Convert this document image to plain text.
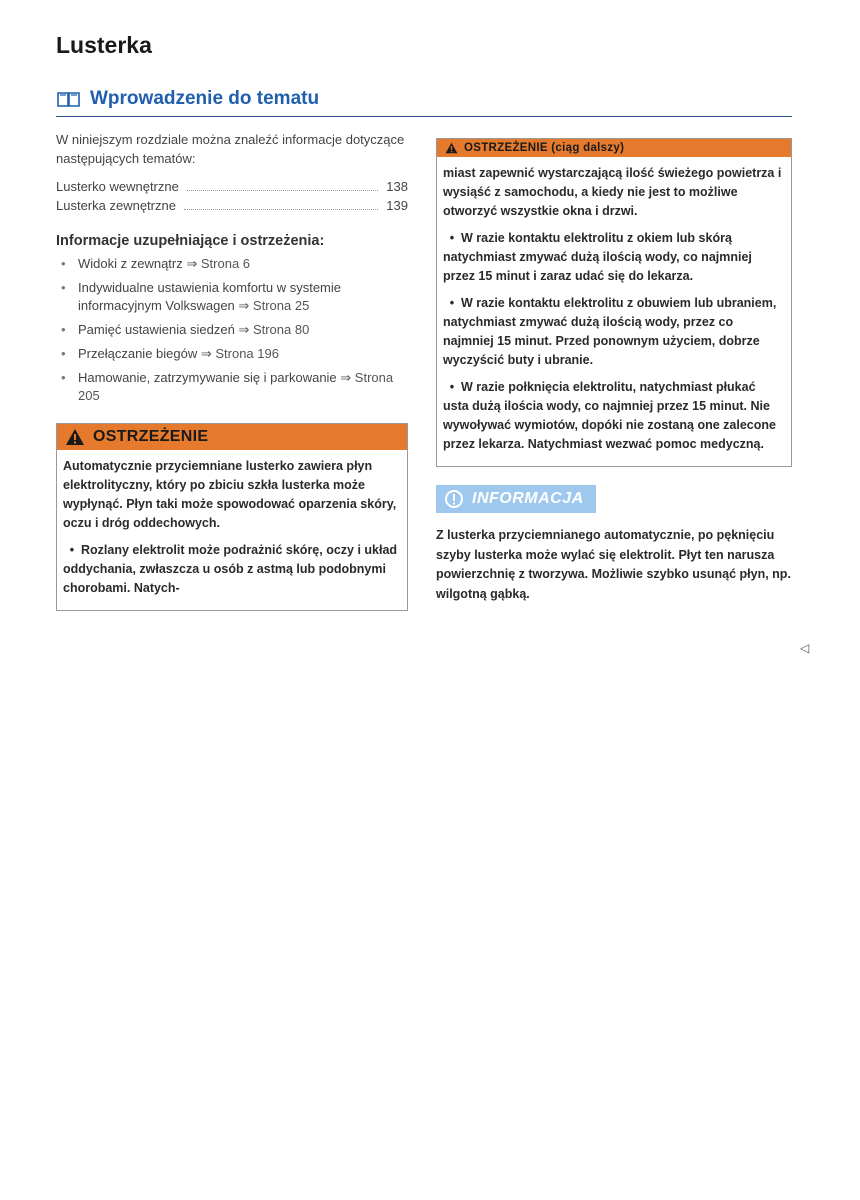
Lusterka
Wprowadzenie do tematu

W niniejszym rozdziale można znaleźć informacje dotyczące następujących tematów:

Lusterko wewnętrzne	138
Lusterka zewnętrzne	139
Informacje uzupełniające i ostrzeżenia:
• Widoki z zewnątrz ⇒ Strona 6
• Indywidualne ustawienia komfortu w systemie informacyjnym Volkswagen ⇒ Strona 25
• Pamięć ustawienia siedzeń ⇒ Strona 80
• Przełączanie biegów ⇒ Strona 196
• Hamowanie, zatrzymywanie się i parkowanie ⇒ Strona 205
OSTRZEŻENIE

Automatycznie przyciemniane lusterko zawiera płyn elektrolityczny, który po zbiciu szkła lusterka może wypłynąć. Płyn taki może spowodować oparzenia skóry, oczu i dróg oddechowych.

• Rozlany elektrolit może podrażnić skórę, oczy i układ oddychania, zwłaszcza u osób z astmą lub podobnymi chorobami. Natych-

OSTRZEŻENIE (ciąg dalszy)

miast zapewnić wystarczającą ilość świeżego powietrza i wysiąść z samochodu, a kiedy nie jest to możliwe otworzyć wszystkie okna i drzwi.

• W razie kontaktu elektrolitu z okiem lub skórą natychmiast zmywać dużą ilością wody, co najmniej przez 15 minut i zaraz udać się do lekarza.

• W razie kontaktu elektrolitu z obuwiem lub ubraniem, natychmiast zmywać dużą ilością wody, przez co najmniej 15 minut. Przed ponownym użyciem, dobrze wyczyścić buty i ubranie.

• W razie połknięcia elektrolitu, natychmiast płukać usta dużą ilościa wody, co najmniej przez 15 minut. Nie wywoływać wymiotów, dopóki nie zostaną one zalecone przez lekarza. Natychmiast wezwać pomoc medyczną.

INFORMACJA

Z lusterka przyciemnianego automatycznie, po pęknięciu szyby lusterka może wylać się elektrolit. Płyt ten narusza powierzchnię z tworzywa. Możliwie szybko usunąć płyn, np. wilgotną gąbką.

◁
